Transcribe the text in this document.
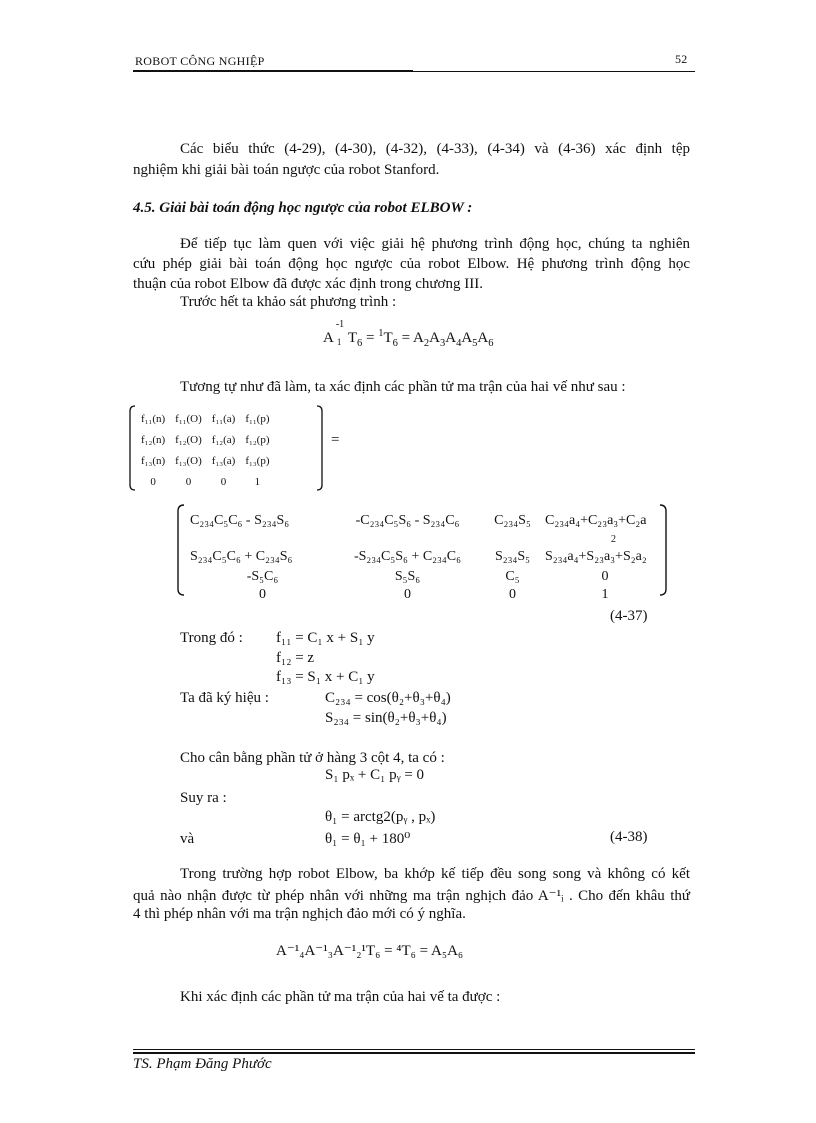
ROBOT CÔNG NGHIỆP	52
Các biểu thức (4-29), (4-30), (4-32), (4-33), (4-34) và (4-36) xác định tệp
nghiệm khi giải bài toán ngược của robot Stanford.
4.5. Giải bài toán động học ngược của robot ELBOW :
Để tiếp tục làm quen với việc giải hệ phương trình động học, chúng ta nghiên
cứu phép giải bài toán động học ngược của robot Elbow. Hệ phương trình động học
thuận của robot Elbow đã được xác định trong chương III.
Trước hết ta khảo sát phương trình :
A
-1
1 $T_6 = ^1T_6 = A_2A_3A_4A_5A_6$
Tương tự như đã làm, ta xác định các phần tử ma trận của hai vế như sau :
f₁₁(n)	f₁₁(O)	f₁₁(a)	f₁₁(p)
f₁₂(n)	f₁₂(O)	f₁₂(a)	f₁₂(p)
f₁₃(n)	f₁₃(O)	f₁₃(a)	f₁₃(p)
0	0	0	1
=
C₂₃₄C₅C₆ - S₂₃₄S₆	-C₂₃₄C₅S₆ - S₂₃₄C₆	C₂₃₄S₅	C₂₃₄a₄+C₂₃a₃+C₂a
			2
S₂₃₄C₅C₆ + C₂₃₄S₆	-S₂₃₄C₅S₆ + C₂₃₄C₆	S₂₃₄S₅	S₂₃₄a₄+S₂₃a₃+S₂a₂
-S₅C₆	S₅S₆	C₅	0
0	0	0	1
(4-37)
Trong đó : f₁₁ = C₁ x + S₁ y
f₁₂ = z
f₁₃ = S₁ x + C₁ y
Ta đã ký hiệu :	C₂₃₄ = cos(θ₂+θ₃+θ₄)
S₂₃₄ = sin(θ₂+θ₃+θ₄)
Cho cân bằng phần tử ở hàng 3 cột 4, ta có :
S₁ pₓ + C₁ pᵧ = 0
Suy ra :
θ₁ = arctg2(pᵧ , pₓ)
và	θ₁ = θ₁ + 180⁰	(4-38)
Trong trường hợp robot Elbow, ba khớp kế tiếp đều song song và không có kết
quả nào nhận được từ phép nhân với những ma trận nghịch đảo A⁻¹ᵢ . Cho đến khâu thứ
4 thì phép nhân với ma trận nghịch đảo mới có ý nghĩa.
A⁻¹₄A⁻¹₃A⁻¹₂¹T₆ = ⁴T₆ = A₅A₆
Khi xác định các phần tử ma trận của hai vế ta được :
TS. Phạm Đăng Phước
